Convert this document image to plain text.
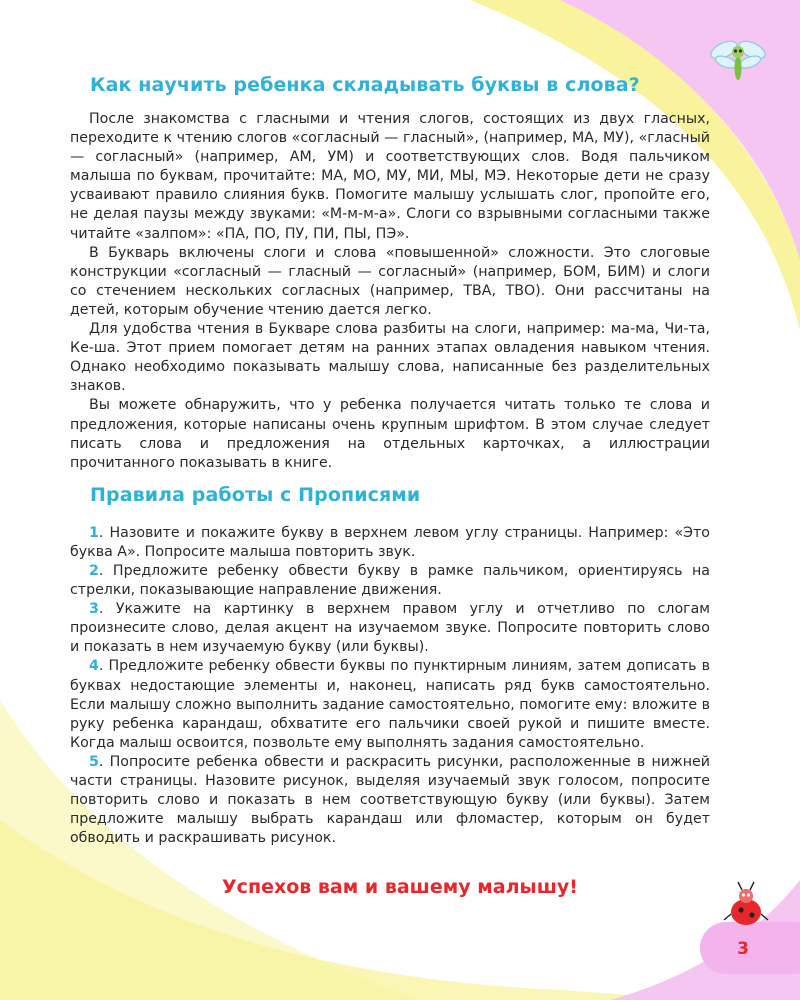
Как научить ребенка складывать буквы в слова?

После знакомства с гласными и чтения слогов, состоящих из двух гласных, переходите к чтению слогов «согласный — гласный», (например, МА, МУ), «гласный — согласный» (например, АМ, УМ) и соответствующих слов. Водя пальчиком малыша по буквам, прочитайте: МА, МО, МУ, МИ, МЫ, МЭ. Некоторые дети не сразу усваивают правило слияния букв. Помогите малышу услышать слог, пропойте его, не делая паузы между звуками: «М-м-м-а». Слоги со взрывными согласными также читайте «залпом»: «ПА, ПО, ПУ, ПИ, ПЫ, ПЭ».

В Букварь включены слоги и слова «повышенной» сложности. Это слоговые конструкции «согласный — гласный — согласный» (например, БОМ, БИМ) и слоги со стечением нескольких согласных (например, ТВА, ТВО). Они рассчитаны на детей, которым обучение чтению дается легко.

Для удобства чтения в Букваре слова разбиты на слоги, например: ма-ма, Чи-та, Ке-ша. Этот прием помогает детям на ранних этапах овладения навыком чтения. Однако необходимо показывать малышу слова, написанные без разделительных знаков.

Вы можете обнаружить, что у ребенка получается читать только те слова и предложения, которые написаны очень крупным шрифтом. В этом случае следует писать слова и предложения на отдельных карточках, а иллюстрации прочитанного показывать в книге.

Правила работы с Прописями

1. Назовите и покажите букву в верхнем левом углу страницы. Например: «Это буква А». Попросите малыша повторить звук.

2. Предложите ребенку обвести букву в рамке пальчиком, ориентируясь на стрелки, показывающие направление движения.

3. Укажите на картинку в верхнем правом углу и отчетливо по слогам произнесите слово, делая акцент на изучаемом звуке. Попросите повторить слово и показать в нем изучаемую букву (или буквы).

4. Предложите ребенку обвести буквы по пунктирным линиям, затем дописать в буквах недостающие элементы и, наконец, написать ряд букв самостоятельно. Если малышу сложно выполнить задание самостоятельно, помогите ему: вложите в руку ребенка карандаш, обхватите его пальчики своей рукой и пишите вместе. Когда малыш освоится, позвольте ему выполнять задания самостоятельно.

5. Попросите ребенка обвести и раскрасить рисунки, расположенные в нижней части страницы. Назовите рисунок, выделяя изучаемый звук голосом, попросите повторить слово и показать в нем соответствующую букву (или буквы). Затем предложите малышу выбрать карандаш или фломастер, которым он будет обводить и раскрашивать рисунок.

Успехов вам и вашему малышу!
3
